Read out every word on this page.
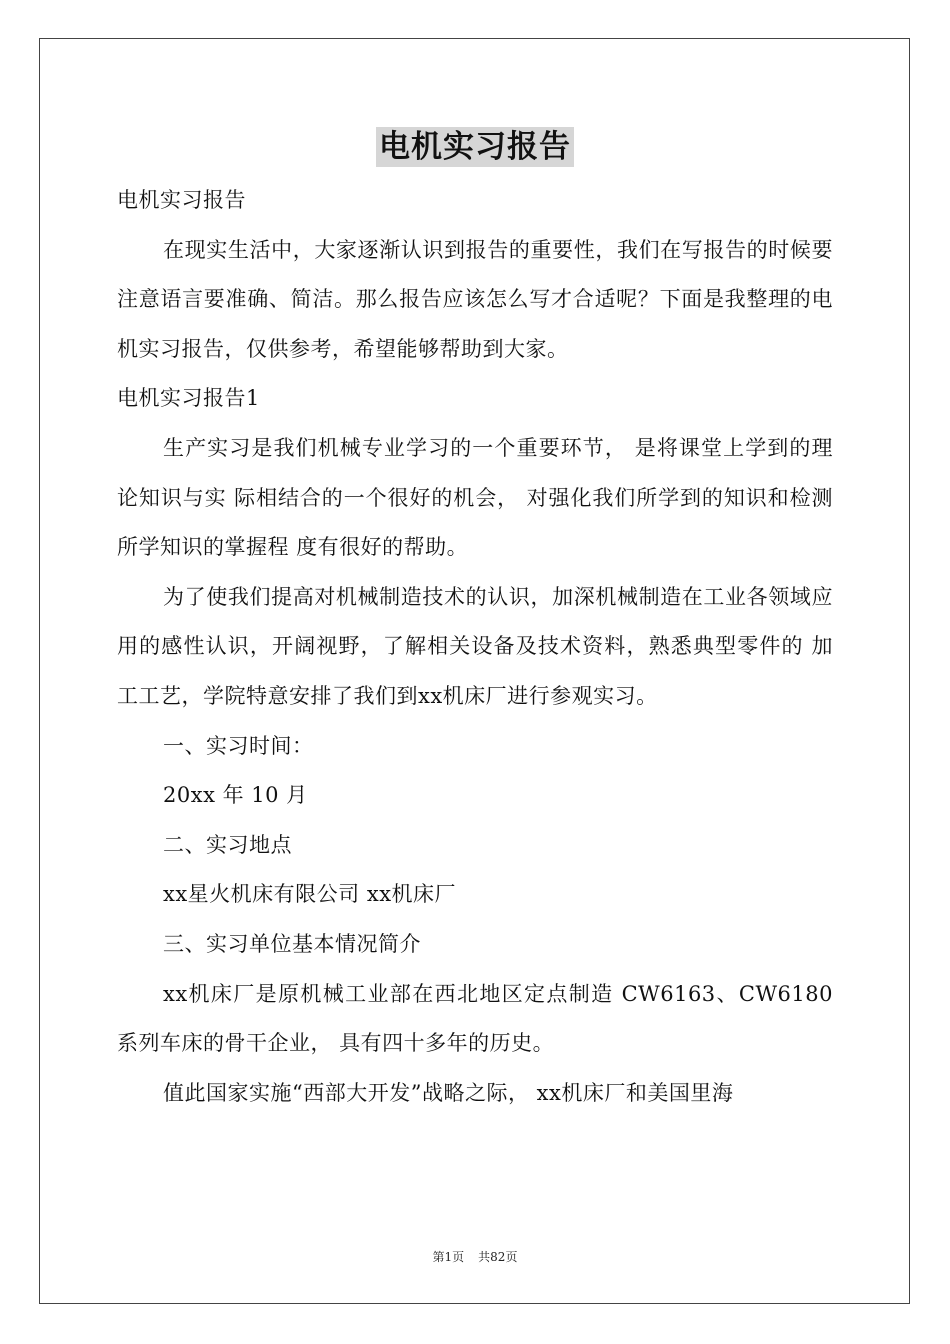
电机实习报告

电机实习报告

在现实生活中，大家逐渐认识到报告的重要性，我们在写报告的时候要注意语言要准确、简洁。那么报告应该怎么写才合适呢？下面是我整理的电机实习报告，仅供参考，希望能够帮助到大家。

电机实习报告1

生产实习是我们机械专业学习的一个重要环节， 是将课堂上学到的理论知识与实 际相结合的一个很好的机会， 对强化我们所学到的知识和检测所学知识的掌握程 度有很好的帮助。

为了使我们提高对机械制造技术的认识，加深机械制造在工业各领域应用的感性认识，开阔视野，了解相关设备及技术资料，熟悉典型零件的 加工工艺，学院特意安排了我们到xx机床厂进行参观实习。

一、实习时间：

20xx 年 10 月

二、实习地点

xx星火机床有限公司 xx机床厂

三、实习单位基本情况简介

xx机床厂是原机械工业部在西北地区定点制造 CW6163、CW6180 系列车床的骨干企业， 具有四十多年的历史。

值此国家实施“西部大开发”战略之际， xx机床厂和美国里海

第1页 共82页
